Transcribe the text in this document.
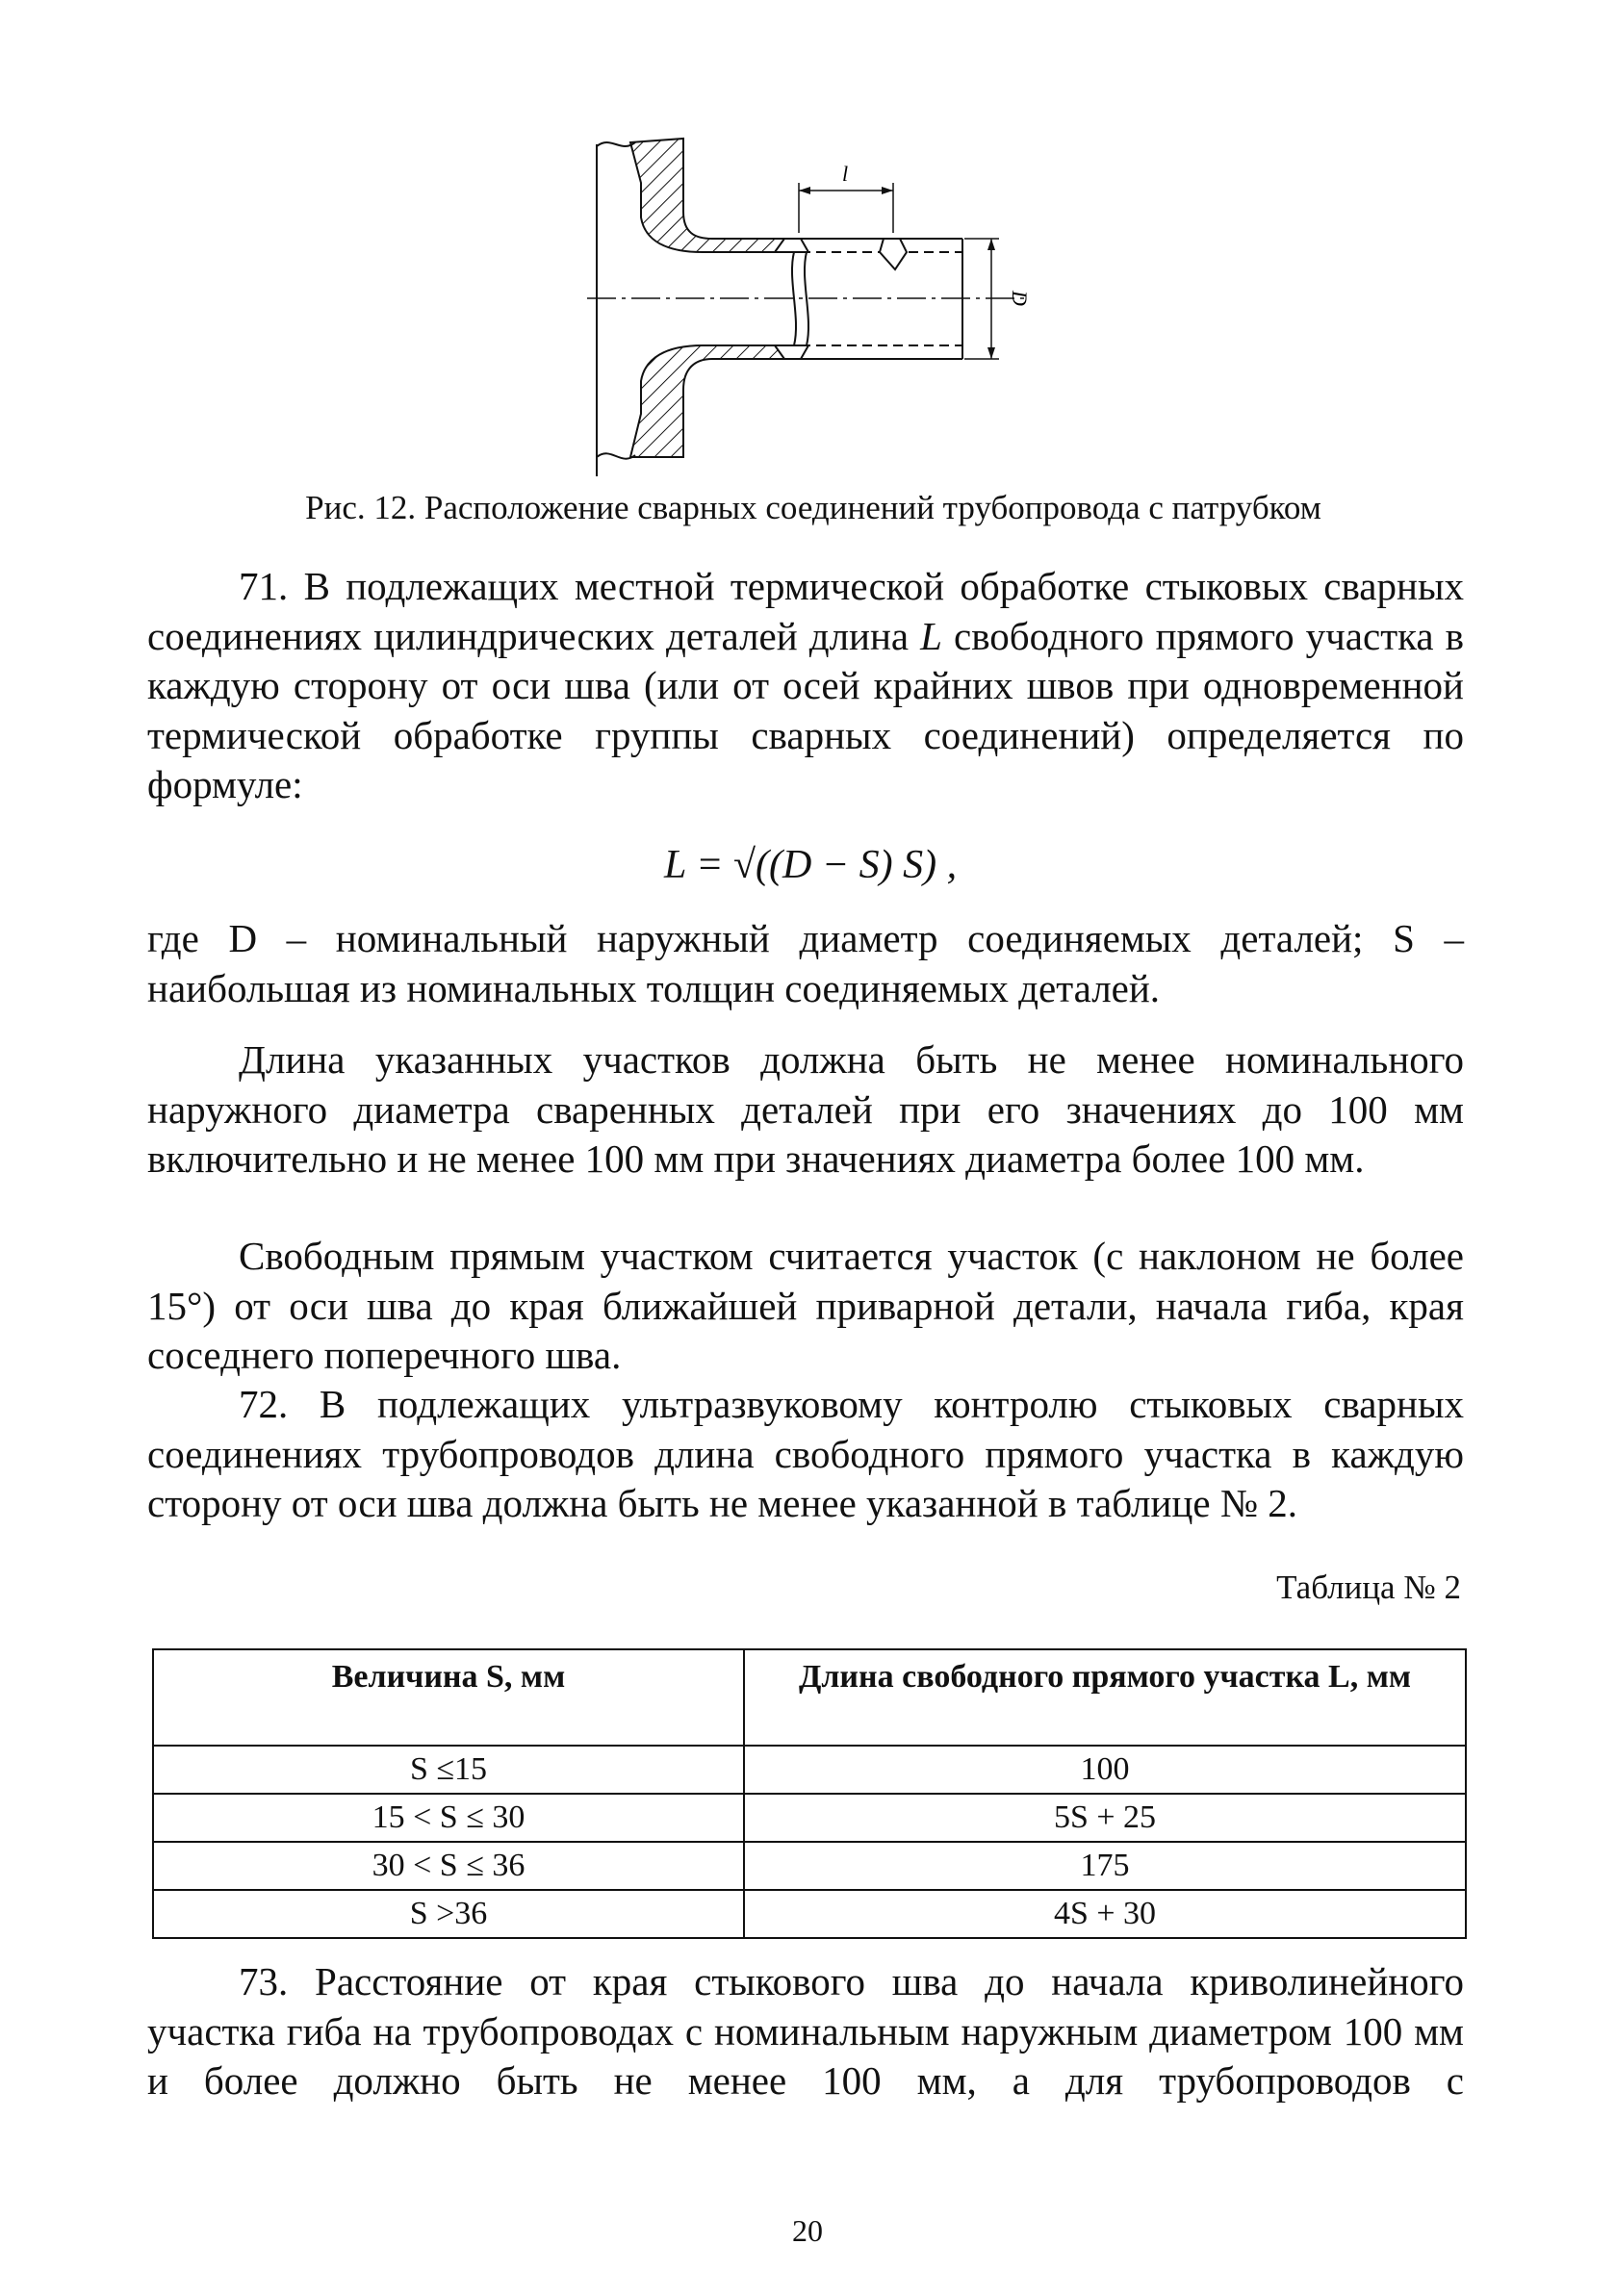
l
D
Рис. 12. Расположение сварных соединений трубопровода с патрубком

71. В подлежащих местной термической обработке стыковых сварных соединениях цилиндрических деталей длина L свободного прямого участка в каждую сторону от оси шва (или от осей крайних швов при одновременной термической обработке группы сварных соединений) определяется по формуле:

L = √((D − S) S) ,

где D – номинальный наружный диаметр соединяемых деталей; S – наибольшая из номинальных толщин соединяемых деталей.

Длина указанных участков должна быть не менее номинального наружного диаметра сваренных деталей при его значениях до 100 мм включительно и не менее 100 мм при значениях диаметра более 100 мм.

Свободным прямым участком считается участок (с наклоном не более 15°) от оси шва до края ближайшей приварной детали, начала гиба, края соседнего поперечного шва.

72. В подлежащих ультразвуковому контролю стыковых сварных соединениях трубопроводов длина свободного прямого участка в каждую сторону от оси шва должна быть не менее указанной в таблице № 2.

Таблица № 2
Величина S, мм	Длина свободного прямого участка L, мм
S ≤15	100
15 < S ≤ 30	5S + 25
30 < S ≤ 36	175
S >36	4S + 30

73. Расстояние от края стыкового шва до начала криволинейного участка гиба на трубопроводах с номинальным наружным диаметром 100 мм и более должно быть не менее 100 мм, а для трубопроводов с

20
